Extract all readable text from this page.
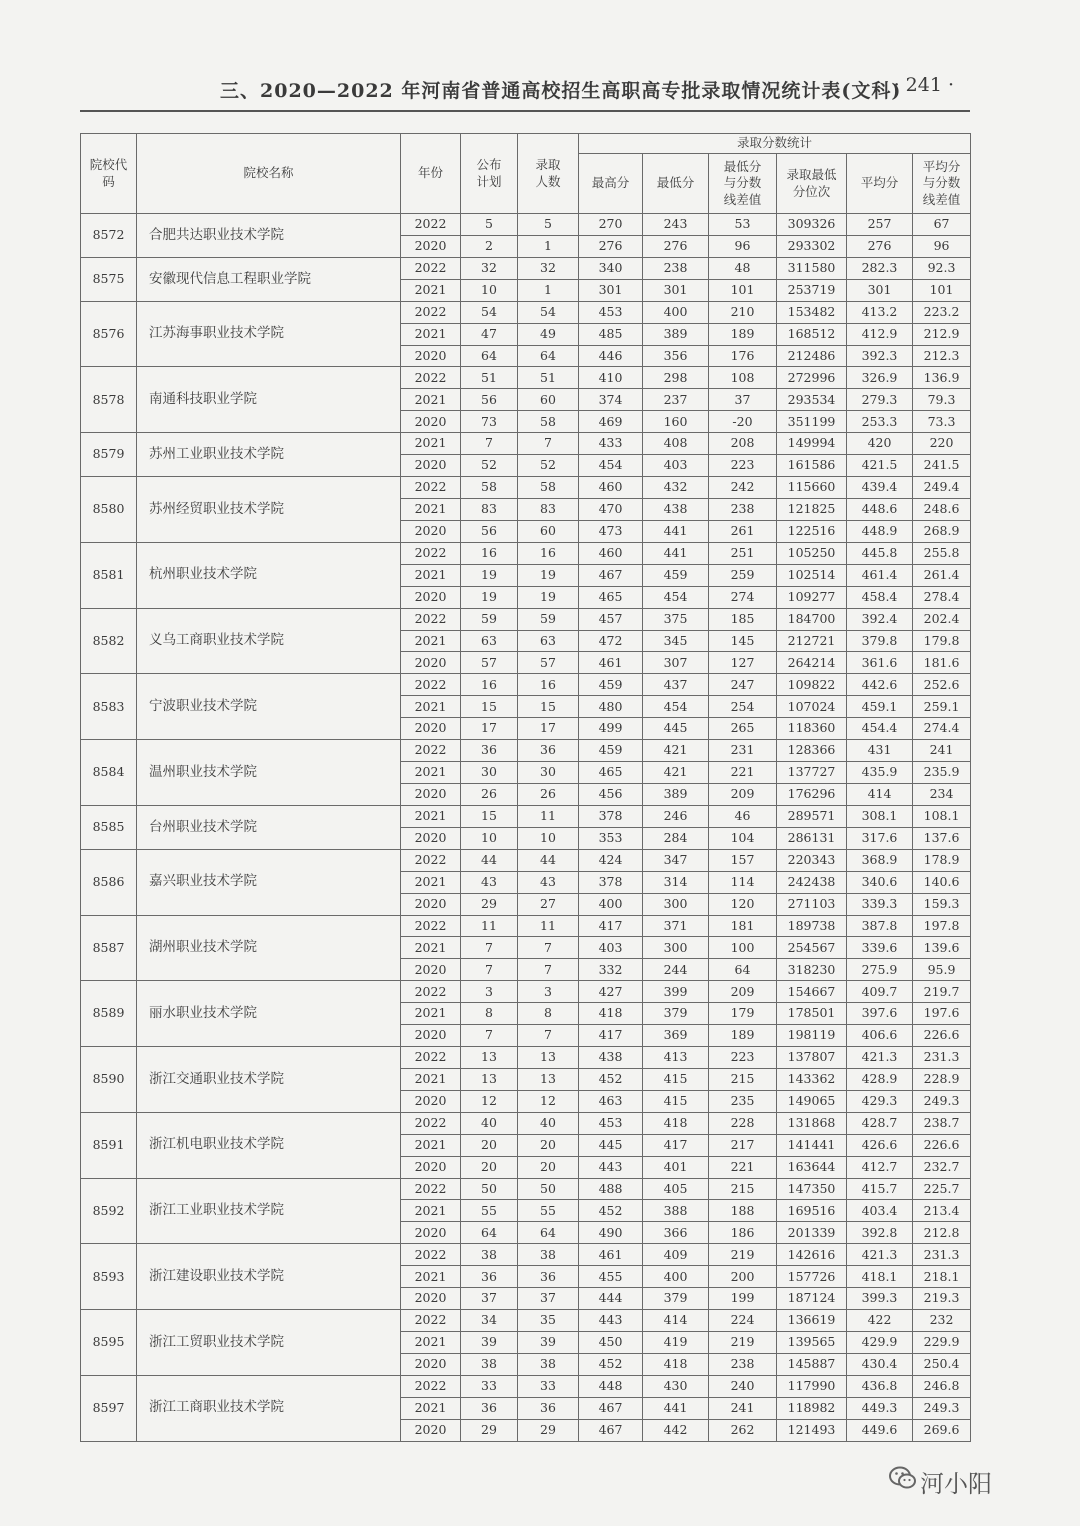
三、2020—2022 年河南省普通高校招生高职高专批录取情况统计表(文科)
· 241 ·
院校代码	院校名称	年份	公布计划	录取人数	录取分数统计					
					最高分	最低分	最低分与分数线差值	录取最低分位次	平均分	平均分与分数线差值
8572	合肥共达职业技术学院	2022	5	5	270	243	53	309326	257	67
		2020	2	1	276	276	96	293302	276	96
8575	安徽现代信息工程职业学院	2022	32	32	340	238	48	311580	282.3	92.3
		2021	10	1	301	301	101	253719	301	101
8576	江苏海事职业技术学院	2022	54	54	453	400	210	153482	413.2	223.2
		2021	47	49	485	389	189	168512	412.9	212.9
		2020	64	64	446	356	176	212486	392.3	212.3
8578	南通科技职业学院	2022	51	51	410	298	108	272996	326.9	136.9
		2021	56	60	374	237	37	293534	279.3	79.3
		2020	73	58	469	160	-20	351199	253.3	73.3
8579	苏州工业职业技术学院	2021	7	7	433	408	208	149994	420	220
		2020	52	52	454	403	223	161586	421.5	241.5
8580	苏州经贸职业技术学院	2022	58	58	460	432	242	115660	439.4	249.4
		2021	83	83	470	438	238	121825	448.6	248.6
		2020	56	60	473	441	261	122516	448.9	268.9
8581	杭州职业技术学院	2022	16	16	460	441	251	105250	445.8	255.8
		2021	19	19	467	459	259	102514	461.4	261.4
		2020	19	19	465	454	274	109277	458.4	278.4
8582	义乌工商职业技术学院	2022	59	59	457	375	185	184700	392.4	202.4
		2021	63	63	472	345	145	212721	379.8	179.8
		2020	57	57	461	307	127	264214	361.6	181.6
8583	宁波职业技术学院	2022	16	16	459	437	247	109822	442.6	252.6
		2021	15	15	480	454	254	107024	459.1	259.1
		2020	17	17	499	445	265	118360	454.4	274.4
8584	温州职业技术学院	2022	36	36	459	421	231	128366	431	241
		2021	30	30	465	421	221	137727	435.9	235.9
		2020	26	26	456	389	209	176296	414	234
8585	台州职业技术学院	2021	15	11	378	246	46	289571	308.1	108.1
		2020	10	10	353	284	104	286131	317.6	137.6
8586	嘉兴职业技术学院	2022	44	44	424	347	157	220343	368.9	178.9
		2021	43	43	378	314	114	242438	340.6	140.6
		2020	29	27	400	300	120	271103	339.3	159.3
8587	湖州职业技术学院	2022	11	11	417	371	181	189738	387.8	197.8
		2021	7	7	403	300	100	254567	339.6	139.6
		2020	7	7	332	244	64	318230	275.9	95.9
8589	丽水职业技术学院	2022	3	3	427	399	209	154667	409.7	219.7
		2021	8	8	418	379	179	178501	397.6	197.6
		2020	7	7	417	369	189	198119	406.6	226.6
8590	浙江交通职业技术学院	2022	13	13	438	413	223	137807	421.3	231.3
		2021	13	13	452	415	215	143362	428.9	228.9
		2020	12	12	463	415	235	149065	429.3	249.3
8591	浙江机电职业技术学院	2022	40	40	453	418	228	131868	428.7	238.7
		2021	20	20	445	417	217	141441	426.6	226.6
		2020	20	20	443	401	221	163644	412.7	232.7
8592	浙江工业职业技术学院	2022	50	50	488	405	215	147350	415.7	225.7
		2021	55	55	452	388	188	169516	403.4	213.4
		2020	64	64	490	366	186	201339	392.8	212.8
8593	浙江建设职业技术学院	2022	38	38	461	409	219	142616	421.3	231.3
		2021	36	36	455	400	200	157726	418.1	218.1
		2020	37	37	444	379	199	187124	399.3	219.3
8595	浙江工贸职业技术学院	2022	34	35	443	414	224	136619	422	232
		2021	39	39	450	419	219	139565	429.9	229.9
		2020	38	38	452	418	238	145887	430.4	250.4
8597	浙江工商职业技术学院	2022	33	33	448	430	240	117990	436.8	246.8
		2021	36	36	467	441	241	118982	449.3	249.3
		2020	29	29	467	442	262	121493	449.6	269.6
河小阳
